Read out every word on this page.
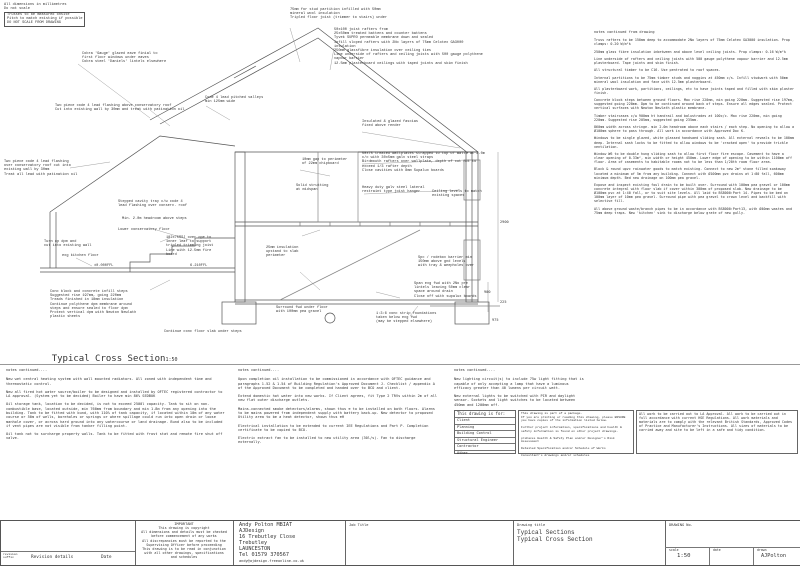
All dimensions in millimetres
Do not scale
Trusses to be measured onsite
Pitch to match existing if possible
DO NOT SCALE FROM DRAWING
Cobra 'Gauge' glazed eave finial to
first floor windows under eaves
Cobra steel 'Daniels' lintels elsewhere
75mm for stud partition infilled with 50mm
mineral wool insulation
Tripled floor joist (trimmer to stairs) under
50x100 joist rafters from
25x50mm treated battens and counter battens
Tyvek SUPRO permeable membrane down and sealed
Infill sloped rafters with 2No layers of 75mm Celotex GA3000 insulation
250mm glassfibre insulation over ceiling ties
Line underside of rafters and ceiling joists with 500 gauge polythene vapour barrier
12.5mm plasterboard ceilings with taped joints and skim finish
Code 4 lead pitched valleys
min 125mm wide
Two piece code 4 lead flashing above conservatory roof
Cut into existing wall by 30mm and treat with patination oil
Two piece code 4 lead flashing
over conservatory roof cut into
existing wall by 30mm
Treat all lead with patination oil
Insulated & glazed fascias
fixed above render
50x75 treated wallplates strapped to top of walls at 2.0m
c/c with 30x5mm galv steel straps
Birdmouth rafters over wallplate, depth of cut not to
exceed 1/3 rafter depth
Close cavities with 8mm Supalux boards
10mm gap to perimeter
of 22mm chipboard
Solid strutting
at midspan
Heavy duty galv steel lateral
restraint type joist hanger	Ceiling levels to match
existing spaces
Stepped cavity tray c/w code 4
lead flashing over conserv. roof
Min. 2.0m headroom above steps
Lower conservatory floor
Turn up dpm and
cut into existing wall
exg kitchen floor
±0.000FFL	6.210FFL
182x75RSJ over ope to
inner leaf to support
tripled trimming joist
Line with 12.5mm fire
board
25mm insulation
upstand to slab
perimeter
Conc block and concrete infill steps
Suggested rise 197mm, going 220mm
Treads finished in 18mm insulation
Continue polythene dpm membrane around
steps and ensure sealed to floor dpm
Protect vertical dpm with Newton Newlath
plastic sheets
Continue conc floor slab under steps
Surround fwd under floor
with 100mm pea gravel
Span exg fwd with 2No pre
lintels leaving 50mm clear
space around drain
Close off with supalux boards
Spc / rodebox barrier min
150mm above gnd levels
with tray & weepholes over
1:3:6 conc strip foundations
taken below exg fwd
(may be stepped elsewhere)
225
900
975
2900
notes continued from drawing
Truss rafters to be 150mm deep to accommodate 2No layers of 75mm Celotex GA3000 insulation. Prop clamps: 0.20 W/m²k
250mm glass fibre insulation inbetween and above level ceiling joists. Prop clamps: 0.16 W/m²k
Line underside of rafters and ceiling joists with 500 gauge polythene vapour barrier and 12.5mm plasterboard. Tape joints and skim finish.
All structural timber to be C16. Use pentrated to roof spaces.
Internal partitions to be 75mm timber studs and noggins at 450mm c/s. Infill studwork with 50mm mineral wool insulation and face with 12.5mm plasterboard.
All plasterboard work, partitions, ceilings, etc to have joints taped and filled with skim plaster finish.
Concrete block steps between ground floors. Max rise 220mm, min going 220mm. Suggested rise 197mm, suggested going 220mm. Dpm to be continued around back of steps. Ensure all edges sealed. Protect vertical surfaces with Newton Newlath plastic membrane.
Timber staircases c/w 900mm ht handrail and balustrades at 100c/c. Max rise 220mm, min going 220mm. Suggested rise 205mm, suggested going 235mm.
860mm width across stringe. min 2.0m headroom above each stairs / each step. No opening to allow a Ø100mm sphere to pass through. All work in accordance with Approved Doc K.
Windows to be single glazed, white glassed handsaed sliding sash. All external reveals to be 100mm deep. Internal sash locks to be fitted to allow windows to be 'cracked open' to provide trickle ventilation.
Window W6 to be double hung sliding sash to allow first floor fire escape. Casement to have a clear opening of 0.33m², min width or height 450mm. Lower edge of opening to be within 1100mm off floor. Area of casements to habitable rooms not to be less than 1/20th room floor area.
Block & round upvc rainwater goods to match existing. Connect to new 2m² stone filled soakaway located a minimum of 5m from any building. Connect with Ø100mm pvc drains at 1:80 fall, 600mm minimum depth. Bed new drainage on 100mm pea gravel.
Expose and inspect existing foul drain to be built over. Surround with 100mm pea gravel or 100mm concrete integral with floor slab if cover within 300mm of proposed slab. New drainage to be Ø100mm pvc at 1:40 fall, or to suit site levels. All laid to BS8000:Part 14. Pipes to be bed on 100mm layer of 10mm pea gravel. Surround pipe with pea gravel to crown level and backfill with selective fill.
All above ground waste/branch pipes to be in accordance with BS8000:Part13, with Ø40mm wastes and 75mm deep traps. New 'kitchen' sink to discharge below grate of new gully.

Typical Cross Section1:50

notes continued....
New wet central heating system with wall mounted radiators. All zoned with independent time and thermostatic control.
New all fired hot water source/boiler to be designed and installed by OFTEC registered contractor to LA approval. (System yet to be decided) Boiler to have min 86% SEDBUK
Oil storage tank, location to be decided, is not to exceed 2500l capacity. Tank to sit on non-combustible base, located outside, min 760mm from boundary and min 1.8m from any opening into the building. Tank to be fitted with bund, with 110% of tank capacity, if located within 10m of any water course or 50m of wells, boreholes or springs or where spillage could run into open drain or loose manhole cover, or across hard ground into any watercourse or land drainage. Bund also to be included if vent pipes are not visible from tanker filling point.
Oil tank not to surcharge property walls. Tank to be fitted with frost stat and remote fire shut off valve.
notes continued....
Upon completion oil installation to be commissioned in accordance with OFTEC guidance and paragraphs 1.52 & 1.54 of Building Regulation's Approved Document J. Checklist / appendix A of the Approved Document to be completed and handed over to BCO and client.
Extend domestic hot water into new works. If Client agrees, fit Type 2 TRVs within 2m of all new flat outer discharge outlets.
Mains-connected smoke detectors/alarms, shown thus ⊕ to be installed on both floors. Alarms to be mains powered from independent supply with battery back-up. New detector to proposed Utility area to be a heat detector, shown thus ⊕H
Electrical installation to be extended to current IEE Regulations and Part P. Completion certificate to be copied to BCO.
Electric extract fan to be installed to new utility area (30l/s). Fan to discharge externally.
notes continued....
New lighting circuit(s) to include 75w light fitting that is capable of only accepting a lamp that have a luminous efficacy greater than 40 lumens per circuit watt.
New external lights to be switched with PIR and daylight sensor. Sockets and light switches to be located between 450mm and 1200mm aff.
This drawing is for:
Client
Planning
Building Control
Structural Engineer
Contractor
Other
This drawing is part of a package.
If you are printing or reading this drawing, please ENSURE
you have copies of the information listed below.

Further project information, specifications and health & safety information is found on other project drawings.

preFaces Health & Safety Plan and/or Designer's Risk Assessment

Detailed Specification and/or Schedule of Works

Consultant's drawings and/or schedules
All work to be carried out to LA Approval. All work to be carried out in full accordance with current HSE Regulations. All work materials and materials are to comply with the relevant British Standards, Approved Codes of Practice and Manufacturer's Instructions. All sizes of materials to be carried away and site to be left in a safe and tidy condition.
revision
suffix	Revision details	Date
IMPORTANT
This drawing is copyright
All dimensions and details must be checked
before commencement of any works
All discrepancies must be reported to the
Supervising Officer before proceeding
This drawing is to be read in conjunction
with all other drawings, specifications
and schedules
Andy Polton MBIAT
AJDesign
16 Trebutley Close
Trebutley
LAUNCESTON
Tel 01579 370567
andy@ajdesign.freeonline.co.uk
Job Title	Drawing title
Typical Sections
Typical Cross Section
DRAWING No.
scale
1:50
date	drawn
AJPolton
